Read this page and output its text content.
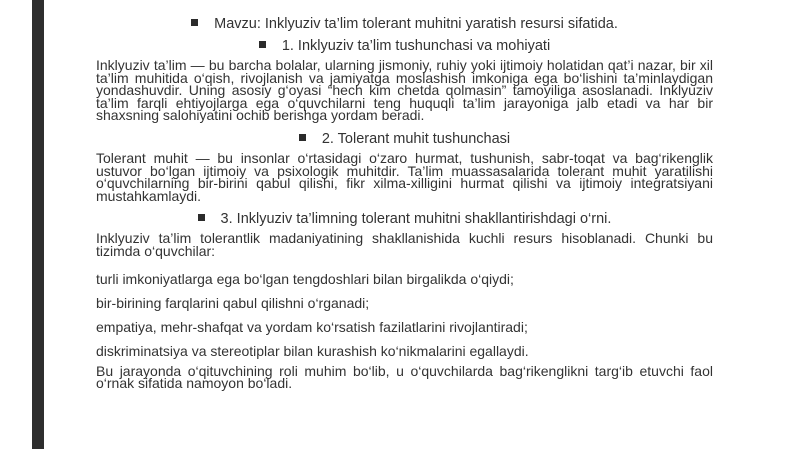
Mavzu: Inklyuziv ta’lim tolerant muhitni yaratish resursi sifatida.
1. Inklyuziv ta’lim tushunchasi va mohiyati

Inklyuziv ta’lim — bu barcha bolalar, ularning jismoniy, ruhiy yoki ijtimoiy holatidan qat’i nazar, bir xil ta’lim muhitida o‘qish, rivojlanish va jamiyatga moslashish imkoniga ega bo‘lishini ta’minlaydigan yondashuvdir. Uning asosiy g‘oyasi “hech kim chetda qolmasin” tamoyiliga asoslanadi. Inklyuziv ta’lim farqli ehtiyojlarga ega o‘quvchilarni teng huquqli ta’lim jarayoniga jalb etadi va har bir shaxsning salohiyatini ochib berishga yordam beradi.

2. Tolerant muhit tushunchasi

Tolerant muhit — bu insonlar o‘rtasidagi o‘zaro hurmat, tushunish, sabr-toqat va bag‘rikenglik ustuvor bo‘lgan ijtimoiy va psixologik muhitdir. Ta’lim muassasalarida tolerant muhit yaratilishi o‘quvchilarning bir-birini qabul qilishi, fikr xilma-xilligini hurmat qilishi va ijtimoiy integratsiyani mustahkamlaydi.

3. Inklyuziv ta’limning tolerant muhitni shakllantirishdagi o‘rni.

Inklyuziv ta’lim tolerantlik madaniyatining shakllanishida kuchli resurs hisoblanadi. Chunki bu tizimda o‘quvchilar:

turli imkoniyatlarga ega bo‘lgan tengdoshlari bilan birgalikda o‘qiydi;

bir-birining farqlarini qabul qilishni o‘rganadi;

empatiya, mehr-shafqat va yordam ko‘rsatish fazilatlarini rivojlantiradi;

diskriminatsiya va stereotiplar bilan kurashish ko‘nikmalarini egallaydi.

Bu jarayonda o‘qituvchining roli muhim bo‘lib, u o‘quvchilarda bag‘rikenglikni targ‘ib etuvchi faol o‘rnak sifatida namoyon bo‘ladi.
